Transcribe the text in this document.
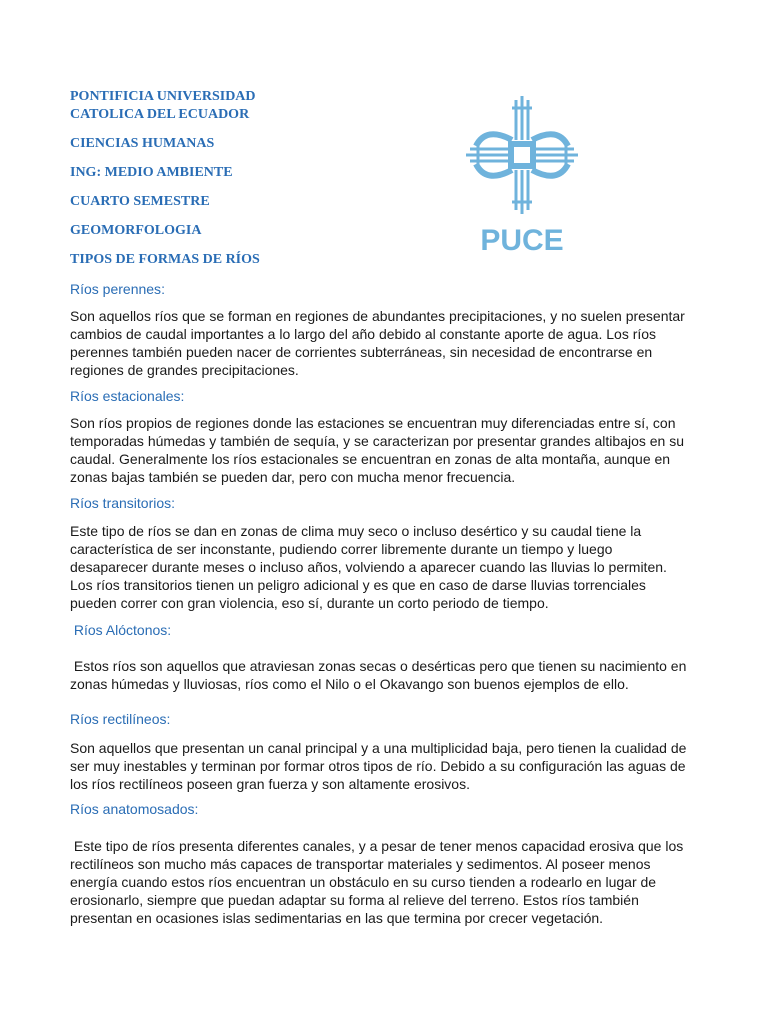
PONTIFICIA UNIVERSIDAD
CATOLICA DEL ECUADOR
CIENCIAS HUMANAS
ING: MEDIO AMBIENTE
CUARTO SEMESTRE
GEOMORFOLOGIA
TIPOS DE FORMAS DE RÍOS
PUCE
Ríos perennes:
Son aquellos ríos que se forman en regiones de abundantes precipitaciones, y no suelen presentar
cambios de caudal importantes a lo largo del año debido al constante aporte de agua. Los ríos
perennes también pueden nacer de corrientes subterráneas, sin necesidad de encontrarse en
regiones de grandes precipitaciones.
Ríos estacionales:
Son ríos propios de regiones donde las estaciones se encuentran muy diferenciadas entre sí, con
temporadas húmedas y también de sequía, y se caracterizan por presentar grandes altibajos en su
caudal. Generalmente los ríos estacionales se encuentran en zonas de alta montaña, aunque en
zonas bajas también se pueden dar, pero con mucha menor frecuencia.
Ríos transitorios:
Este tipo de ríos se dan en zonas de clima muy seco o incluso desértico y su caudal tiene la
característica de ser inconstante, pudiendo correr libremente durante un tiempo y luego
desaparecer durante meses o incluso años, volviendo a aparecer cuando las lluvias lo permiten.
Los ríos transitorios tienen un peligro adicional y es que en caso de darse lluvias torrenciales
pueden correr con gran violencia, eso sí, durante un corto periodo de tiempo.
Ríos Alóctonos:
Estos ríos son aquellos que atraviesan zonas secas o desérticas pero que tienen su nacimiento en
zonas húmedas y lluviosas, ríos como el Nilo o el Okavango son buenos ejemplos de ello.
Ríos rectilíneos:
Son aquellos que presentan un canal principal y a una multiplicidad baja, pero tienen la cualidad de
ser muy inestables y terminan por formar otros tipos de río. Debido a su configuración las aguas de
los ríos rectilíneos poseen gran fuerza y son altamente erosivos.
Ríos anatomosados:
Este tipo de ríos presenta diferentes canales, y a pesar de tener menos capacidad erosiva que los
rectilíneos son mucho más capaces de transportar materiales y sedimentos. Al poseer menos
energía cuando estos ríos encuentran un obstáculo en su curso tienden a rodearlo en lugar de
erosionarlo, siempre que puedan adaptar su forma al relieve del terreno. Estos ríos también
presentan en ocasiones islas sedimentarias en las que termina por crecer vegetación.
